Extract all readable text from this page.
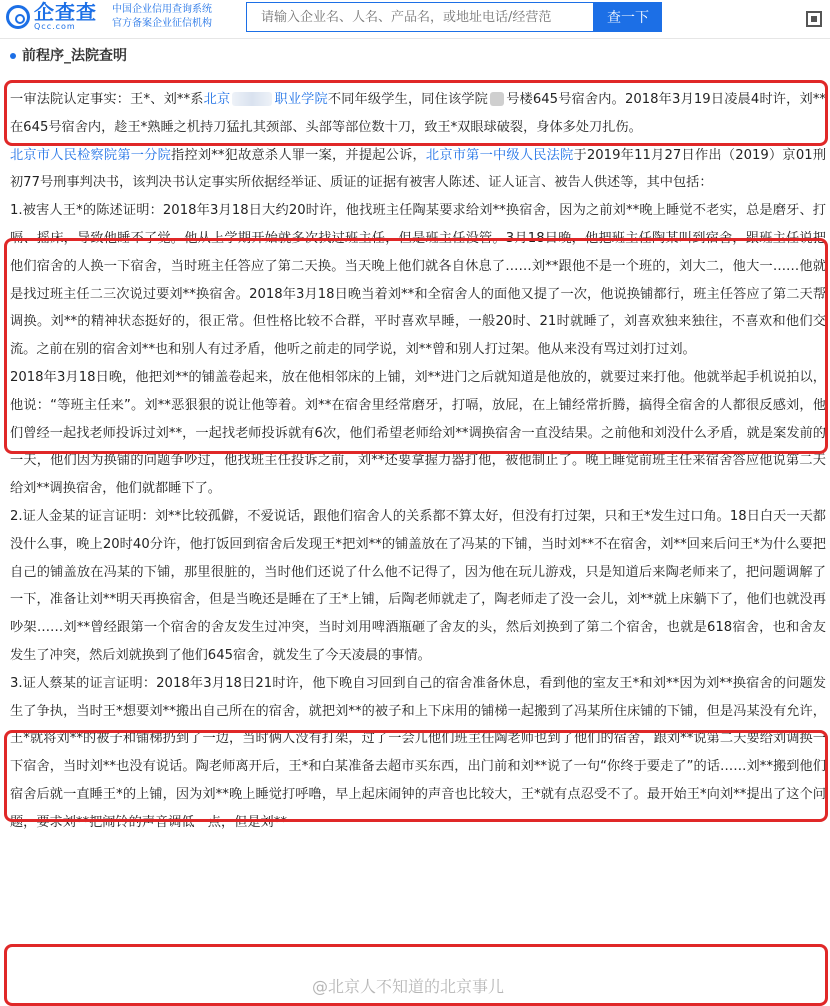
企查查
Qcc.com
中国企业信用查询系统
官方备案企业征信机构
请输入企业名、人名、产品名，或地址电话/经营范	查一下
前程序_法院查明

一审法院认定事实：王*、刘**系北京	职业学院不同年级学生，同住该学院 号楼645号宿舍内。2018年3月19日凌晨4时许，刘**在645号宿舍内，趁王*熟睡之机持刀猛扎其颈部、头部等部位数十刀，致王*双眼球破裂，身体多处刀扎伤。

北京市人民检察院第一分院指控刘**犯故意杀人罪一案，并提起公诉，北京市第一中级人民法院于2019年11月27日作出（2019）京01刑初77号刑事判决书，该判决书认定事实所依据经举证、质证的证据有被害人陈述、证人证言、被告人供述等，其中包括：

1.被害人王*的陈述证明：2018年3月18日大约20时许，他找班主任陶某要求给刘**换宿舍，因为之前刘**晚上睡觉不老实，总是磨牙、打嗝、摇床，导致他睡不了觉。他从上学期开始就多次找过班主任，但是班主任没管。3月18日晚，他把班主任陶某叫到宿舍，跟班主任说把他们宿舍的人换一下宿舍，当时班主任答应了第二天换。当天晚上他们就各自休息了……刘**跟他不是一个班的，刘大二，他大一……他就是找过班主任二三次说过要刘**换宿舍。2018年3月18日晚当着刘**和全宿舍人的面他又提了一次，他说换铺都行，班主任答应了第二天帮调换。刘**的精神状态挺好的，很正常。但性格比较不合群，平时喜欢早睡，一般20时、21时就睡了，刘喜欢独来独往，不喜欢和他们交流。之前在别的宿舍刘**也和别人有过矛盾，他听之前走的同学说，刘**曾和别人打过架。他从来没有骂过刘打过刘。

2018年3月18日晚，他把刘**的铺盖卷起来，放在他相邻床的上铺，刘**进门之后就知道是他放的，就要过来打他。他就举起手机说拍以，他说：“等班主任来”。刘**恶狠狠的说让他等着。刘**在宿舍里经常磨牙，打嗝，放屁，在上铺经常折腾，搞得全宿舍的人都很反感刘，他们曾经一起找老师投诉过刘**，一起找老师投诉就有6次，他们希望老师给刘**调换宿舍一直没结果。之前他和刘没什么矛盾，就是案发前的一天，他们因为换铺的问题争吵过，他找班主任投诉之前，刘**还要拿握力器打他，被他制止了。晚上睡觉前班主任来宿舍答应他说第二天给刘**调换宿舍，他们就都睡下了。

2.证人金某的证言证明：刘**比较孤僻，不爱说话，跟他们宿舍人的关系都不算太好，但没有打过架，只和王*发生过口角。18日白天一天都没什么事，晚上20时40分许，他打饭回到宿舍后发现王*把刘**的铺盖放在了冯某的下铺，当时刘**不在宿舍，刘**回来后问王*为什么要把自己的铺盖放在冯某的下铺，那里很脏的，当时他们还说了什么他不记得了，因为他在玩儿游戏，只是知道后来陶老师来了，把问题调解了一下，准备让刘**明天再换宿舍，但是当晚还是睡在了王*上铺，后陶老师就走了，陶老师走了没一会儿，刘**就上床躺下了，他们也就没再吵架……刘**曾经跟第一个宿舍的舍友发生过冲突，当时刘用啤酒瓶砸了舍友的头，然后刘换到了第二个宿舍，也就是618宿舍，也和舍友发生了冲突，然后刘就换到了他们645宿舍，就发生了今天凌晨的事情。

3.证人蔡某的证言证明：2018年3月18日21时许，他下晚自习回到自己的宿舍准备休息，看到他的室友王*和刘**因为刘**换宿舍的问题发生了争执，当时王*想要刘**搬出自己所在的宿舍，就把刘**的被子和上下床用的铺梯一起搬到了冯某所住床铺的下铺，但是冯某没有允许，王*就将刘**的被子和铺梯扔到了一边，当时俩人没有打架，过了一会儿他们班主任陶老师也到了他们的宿舍，跟刘**说第二天要给刘调换一下宿舍，当时刘**也没有说话。陶老师离开后，王*和白某准备去超市买东西，出门前和刘**说了一句“你终于要走了”的话……刘**搬到他们宿舍后就一直睡王*的上铺，因为刘**晚上睡觉打呼噜，早上起床闹钟的声音也比较大，王*就有点忍受不了。最开始王*向刘**提出了这个问题，要求刘**把闹铃的声音调低一点，但是刘**一

@北京人不知道的北京事儿
